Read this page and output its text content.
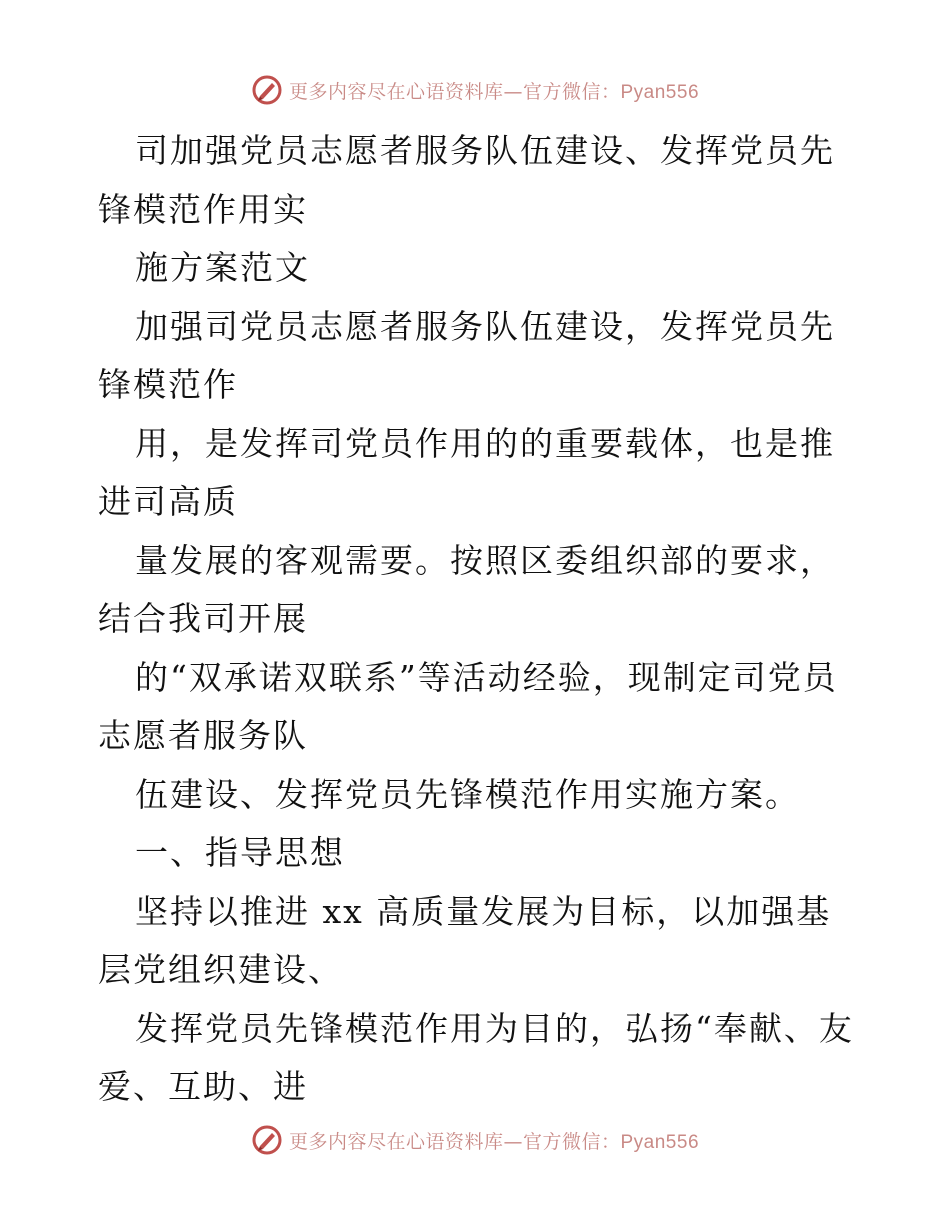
更多内容尽在心语资料库—官方微信：Pyan556

司加强党员志愿者服务队伍建设、发挥党员先锋模范作用实

施方案范文

加强司党员志愿者服务队伍建设，发挥党员先锋模范作

用，是发挥司党员作用的的重要载体，也是推进司高质

量发展的客观需要。按照区委组织部的要求，结合我司开展

的“双承诺双联系”等活动经验，现制定司党员志愿者服务队

伍建设、发挥党员先锋模范作用实施方案。

一、指导思想

坚持以推进 xx 高质量发展为目标，以加强基层党组织建设、

发挥党员先锋模范作用为目的，弘扬“奉献、友爱、互助、进

更多内容尽在心语资料库—官方微信：Pyan556
